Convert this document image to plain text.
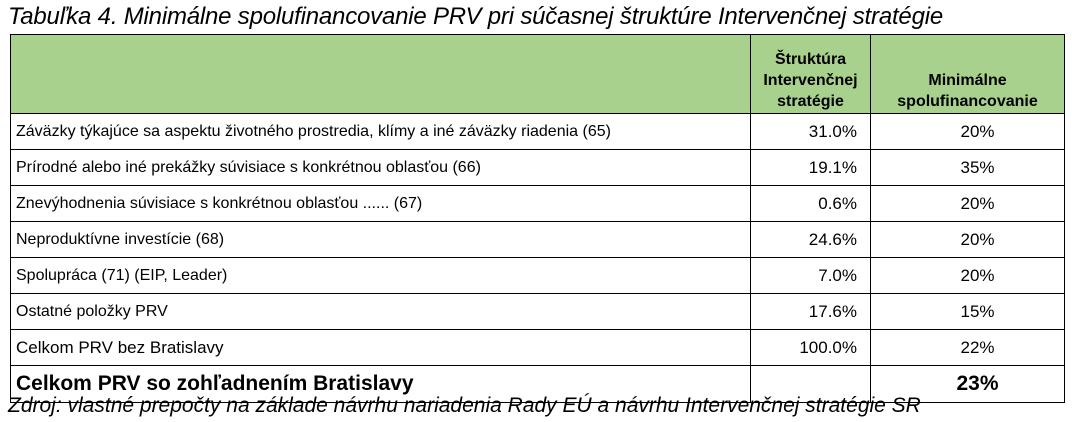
Tabuľka 4. Minimálne spolufinancovanie PRV pri súčasnej štruktúre Intervenčnej stratégie
	Štruktúra
Intervenčnej
stratégie	Minimálne
spolufinancovanie
Záväzky týkajúce sa aspektu životného prostredia, klímy a iné záväzky riadenia (65)	31.0%	20%
Prírodné alebo iné prekážky súvisiace s konkrétnou oblasťou (66)	19.1%	35%
Znevýhodnenia súvisiace s konkrétnou oblasťou ...... (67)	0.6%	20%
Neproduktívne investície (68)	24.6%	20%
Spolupráca (71) (EIP, Leader)	7.0%	20%
Ostatné položky PRV	17.6%	15%
Celkom PRV bez Bratislavy	100.0%	22%
Celkom PRV so zohľadnením Bratislavy		23%
Zdroj: vlastné prepočty na základe návrhu nariadenia Rady EÚ a návrhu Intervenčnej stratégie SR
